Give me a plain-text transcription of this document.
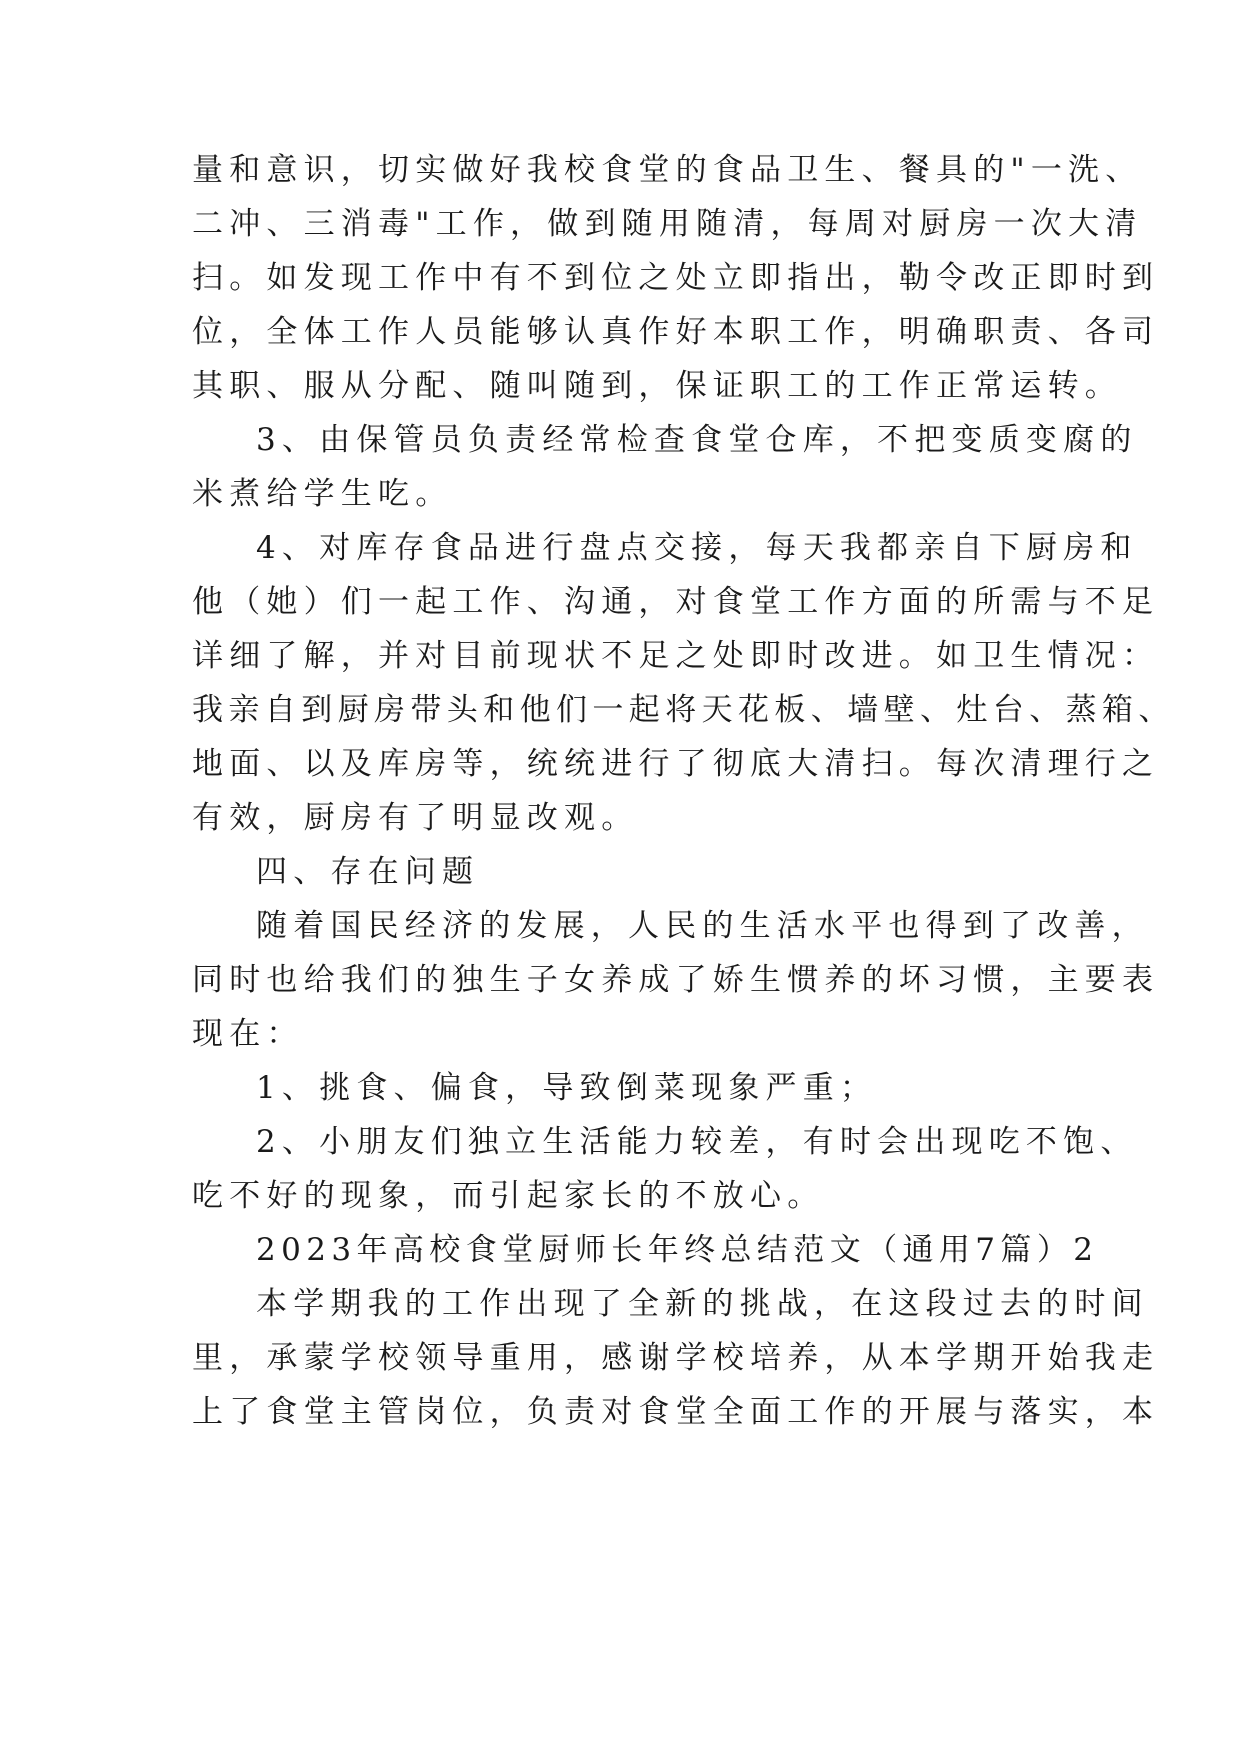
量和意识，切实做好我校食堂的食品卫生、餐具的"一洗、
二冲、三消毒"工作，做到随用随清，每周对厨房一次大清
扫。如发现工作中有不到位之处立即指出，勒令改正即时到
位，全体工作人员能够认真作好本职工作，明确职责、各司
其职、服从分配、随叫随到，保证职工的工作正常运转。
3、由保管员负责经常检查食堂仓库，不把变质变腐的
米煮给学生吃。
4、对库存食品进行盘点交接，每天我都亲自下厨房和
他（她）们一起工作、沟通，对食堂工作方面的所需与不足
详细了解，并对目前现状不足之处即时改进。如卫生情况：
我亲自到厨房带头和他们一起将天花板、墙壁、灶台、蒸箱、
地面、以及库房等，统统进行了彻底大清扫。每次清理行之
有效，厨房有了明显改观。
四、存在问题
随着国民经济的发展，人民的生活水平也得到了改善，
同时也给我们的独生子女养成了娇生惯养的坏习惯，主要表
现在：
1、挑食、偏食，导致倒菜现象严重；
2、小朋友们独立生活能力较差，有时会出现吃不饱、
吃不好的现象，而引起家长的不放心。
2023年高校食堂厨师长年终总结范文（通用7篇）2
本学期我的工作出现了全新的挑战，在这段过去的时间
里，承蒙学校领导重用，感谢学校培养，从本学期开始我走
上了食堂主管岗位，负责对食堂全面工作的开展与落实，本
